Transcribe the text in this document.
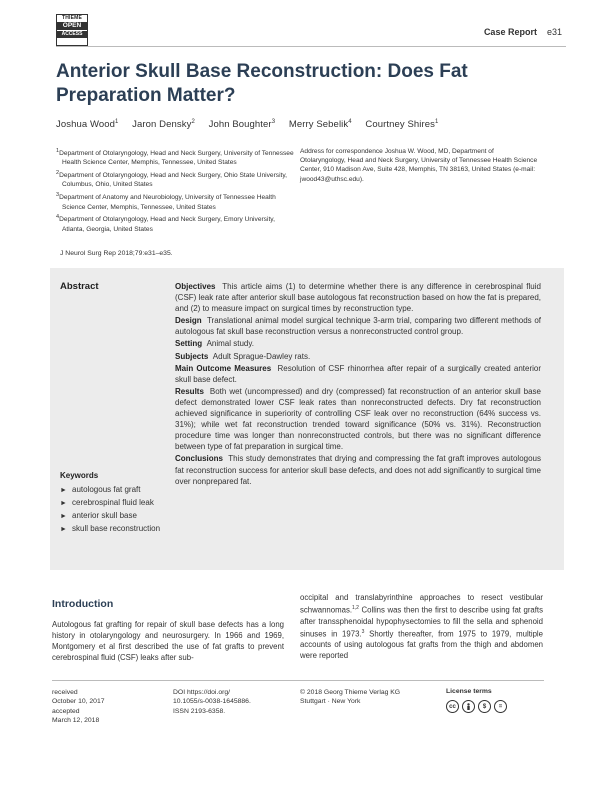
THIEME
OPEN
ACCESS	Case Report e31
Anterior Skull Base Reconstruction: Does Fat Preparation Matter?
Joshua Wood$^1$ Jaron Densky$^2$ John Boughter$^3$ Merry Sebelik$^4$ Courtney Shires$^1$
$^1$Department of Otolaryngology, Head and Neck Surgery, University of Tennessee Health Science Center, Memphis, Tennessee, United States
$^2$Department of Otolaryngology, Head and Neck Surgery, Ohio State University, Columbus, Ohio, United States
$^3$Department of Anatomy and Neurobiology, University of Tennessee Health Science Center, Memphis, Tennessee, United States
$^4$Department of Otolaryngology, Head and Neck Surgery, Emory University, Atlanta, Georgia, United States
Address for correspondence Joshua W. Wood, MD, Department of Otolaryngology, Head and Neck Surgery, University of Tennessee Health Science Center, 910 Madison Ave, Suite 428, Memphis, TN 38163, United States (e-mail: jwood43@uthsc.edu).
J Neurol Surg Rep 2018;79:e31–e35.
Abstract	Objectives This article aims (1) to determine whether there is any difference in cerebrospinal fluid (CSF) leak rate after anterior skull base autologous fat reconstruction based on how the fat is prepared, and (2) to measure impact on surgical times by reconstruction type.

Design Translational animal model surgical technique 3-arm trial, comparing two different methods of autologous fat skull base reconstruction versus a nonreconstructed control group.

Setting Animal study.

Subjects Adult Sprague-Dawley rats.

Main Outcome Measures Resolution of CSF rhinorrhea after repair of a surgically created anterior skull base defect.

Results Both wet (uncompressed) and dry (compressed) fat reconstruction of an anterior skull base defect demonstrated lower CSF leak rates than nonreconstructed defects. Dry fat reconstruction achieved significance in superiority of controlling CSF leak over no reconstruction (64% success vs. 31%); while wet fat reconstruction trended toward significance (50% vs. 31%). Reconstruction procedure time was longer than nonreconstructed controls, but there was no significant difference between type of fat preparation in surgical time.

Conclusions This study demonstrates that drying and compressing the fat graft improves autologous fat reconstruction success for anterior skull base defects, and does not add significantly to surgical time over nonprepared fat.

Keywords
► autologous fat graft
► cerebrospinal fluid leak
► anterior skull base
► skull base reconstruction
Introduction
Autologous fat grafting for repair of skull base defects has a long history in otolaryngology and neurosurgery. In 1966 and 1969, Montgomery et al first described the use of fat grafts to prevent cerebrospinal fluid (CSF) leaks after sub-
occipital and translabyrinthine approaches to resect vestibular schwannomas.$^{1,2}$ Collins was then the first to describe using fat grafts after transsphenoidal hypophysectomies to fill the sella and sphenoid sinuses in 1973.$^3$ Shortly thereafter, from 1975 to 1979, multiple accounts of using autologous fat grafts from the thigh and abdomen were reported
received
October 10, 2017
accepted
March 12, 2018
DOI https://doi.org/
10.1055/s-0038-1645886.
ISSN 2193-6358.
© 2018 Georg Thieme Verlag KG
Stuttgart · New York
License terms
cc	$	=
